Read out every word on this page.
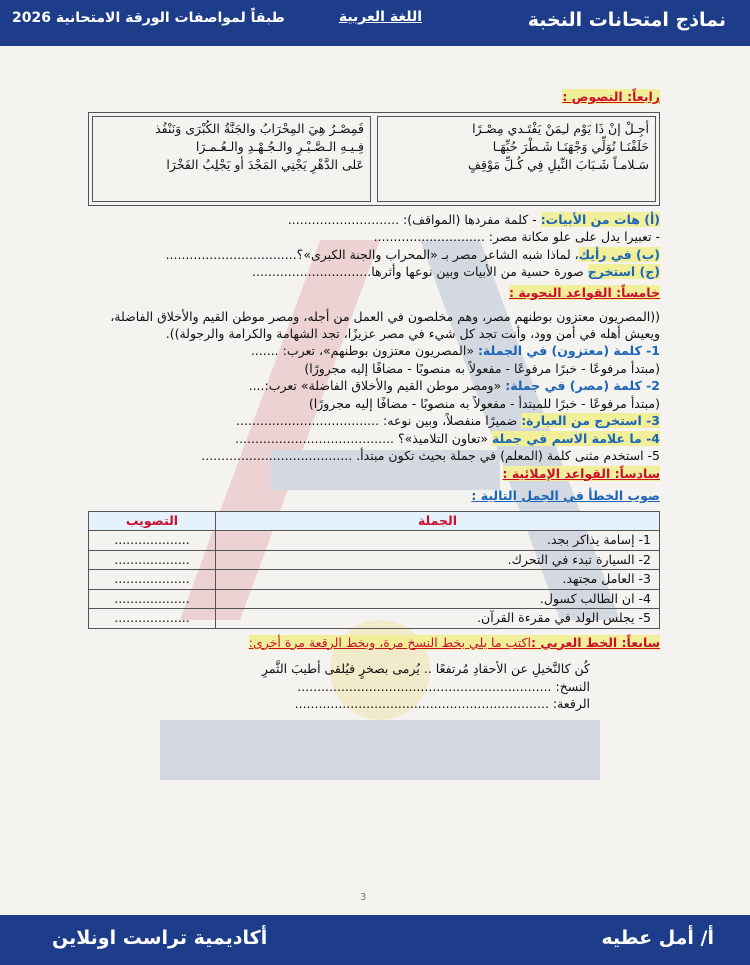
نماذج امتحانات النخبة
اللغة العربية
طبقاً لمواصفات الورقة الامتحانية 2026
رابعاً: النصوص :
أجِـلْ إنْ ذَا يَوْم لـِمَنْ يَفْتَـدي مِصْـرًا
حَلَفْنَـا نُوَلِّي وَجْهَنَـا شَـطْرَ حُبِّهَـا
سَـلامـاً شَـبَابَ النِّيلِ فِي كُـلِّ مَوْقِفٍ
فَمِصْـرُ هِيَ المِحْرَابُ والجَنَّةُ الكُبْرَى وَنَنْفُذ
فِـيـهِ الـصَّـبْـرِ والـجُـهْـدِ والـعُـمـرَا
عَلى الدَّهْرِ يَجْنِي المَجْدَ أو يَجْلِبُ الفَخْرَا
(أ) هات من الأبيات: - كلمة مفردها (المواقف): ............................
- تعبيرا يدل على علو مكانة مصر: ............................
(ب) في رأيك، لماذا شبه الشاعر مصر بـ «المحراب والجنة الكبرى»؟.................................
(ج) استخرج صورة حسية من الأبيات وبين نوعها وأثرها..............................
خامساً: القواعد النحوية :
((المصريون معتزون بوطنهم مصر، وهم مخلصون في العمل من أجله، ومصر موطن القيم والأخلاق الفاضلة، ويعيش أهله في أمن وود، وأنت تجد كل شيء في مصر عزيزًا، تجد الشهامة والكرامة والرجولة)).
1- كلمة (معتزون) في الجملة: «المصريون معتزون بوطنهم»، تعرب: .......
(مبتدأ مرفوعًا - خبرًا مرفوعًا - مفعولاً به منصوبًا - مضافًا إليه مجرورًا)
2- كلمة (مصر) في جملة: «ومصر موطن القيم والأخلاق الفاضلة» تعرب:....
(مبتدأ مرفوعًا - خبرًا للمبتدأ - مفعولاً به منصوبًا - مضافًا إليه مجرورًا)
3- استخرج من العبارة: ضميرًا منفصلاً، وبين نوعه: ....................................
4- ما علامة الاسم في جملة «تعاون التلاميذ»؟ ........................................
5- استخدم مثنى كلمة (المعلم) في جملة بحيث تكون مبتدأ. ......................................
سادساً: القواعد الإملائية :
صوب الخطأ في الجمل التالية :
الجملة	التصويب
1- إسامة يذاكر بجد.	...................
2- السيارة تبدء في التحرك.	...................
3- العامل مجتهد.	...................
4- ان الطالب كسول.	...................
5- يجلس الولد في مقرءة القرآن.	...................
سابعاً: الخط العربي :اكتب ما يلي بخط النسخ مرة، وبخط الرقعة مرة أخرى:
كُن كالنَّخيلِ عن الأحقادِ مُرتفعًا .. يُرمى بصخرٍ فيُلقى أطيبَ الثَّمرِ
النسخ: ................................................................
الرقعة: ................................................................
3
أ/ أمل عطيه
أكاديمية تراست اونلاين
